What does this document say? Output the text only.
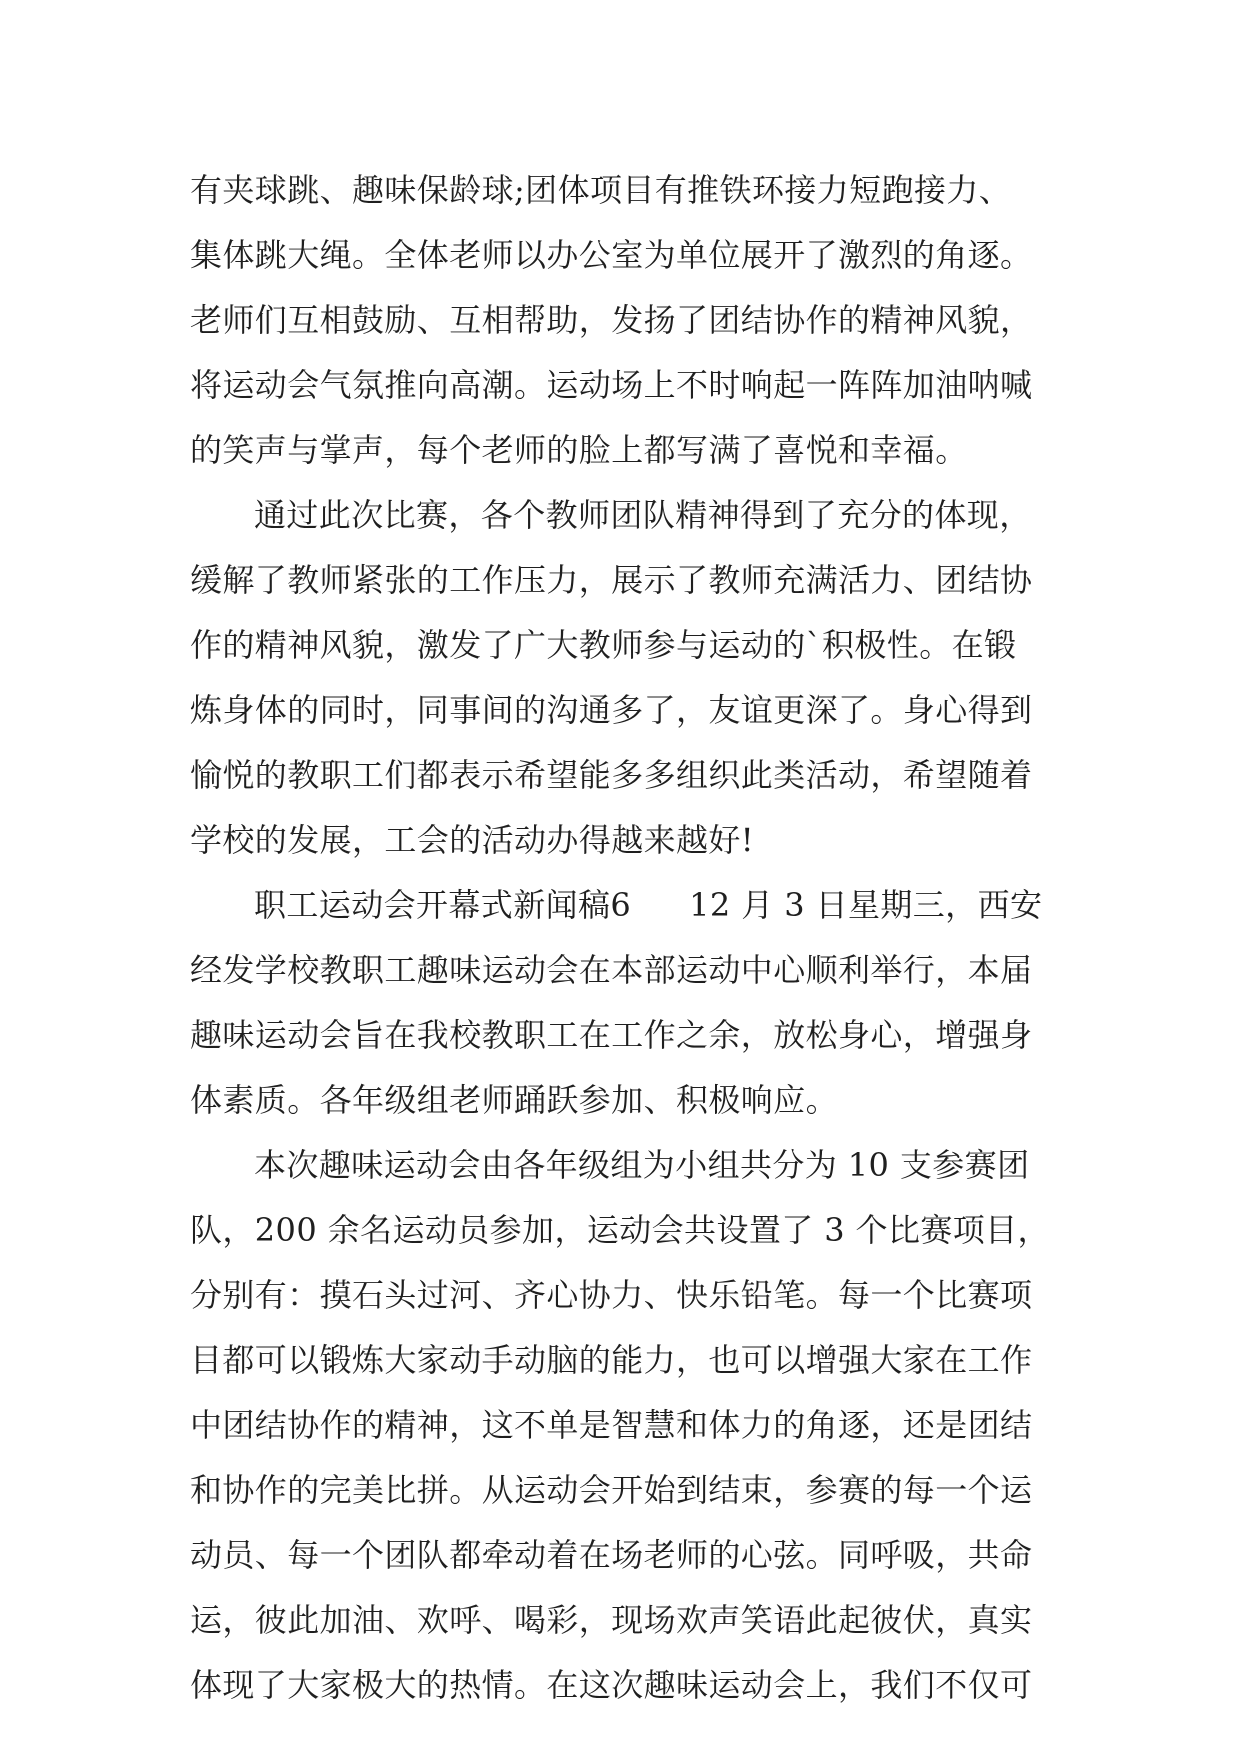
有夹球跳、趣味保龄球;团体项目有推铁环接力短跑接力、
集体跳大绳。全体老师以办公室为单位展开了激烈的角逐。
老师们互相鼓励、互相帮助，发扬了团结协作的精神风貌，
将运动会气氛推向高潮。运动场上不时响起一阵阵加油呐喊
的笑声与掌声，每个老师的脸上都写满了喜悦和幸福。
通过此次比赛，各个教师团队精神得到了充分的体现，
缓解了教师紧张的工作压力，展示了教师充满活力、团结协
作的精神风貌，激发了广大教师参与运动的`积极性。在锻
炼身体的同时，同事间的沟通多了，友谊更深了。身心得到
愉悦的教职工们都表示希望能多多组织此类活动，希望随着
学校的发展，工会的活动办得越来越好!
职工运动会开幕式新闻稿6 12 月 3 日星期三，西安
经发学校教职工趣味运动会在本部运动中心顺利举行，本届
趣味运动会旨在我校教职工在工作之余，放松身心，增强身
体素质。各年级组老师踊跃参加、积极响应。
本次趣味运动会由各年级组为小组共分为 10 支参赛团
队，200 余名运动员参加，运动会共设置了 3 个比赛项目，
分别有：摸石头过河、齐心协力、快乐铅笔。每一个比赛项
目都可以锻炼大家动手动脑的能力，也可以增强大家在工作
中团结协作的精神，这不单是智慧和体力的角逐，还是团结
和协作的完美比拼。从运动会开始到结束，参赛的每一个运
动员、每一个团队都牵动着在场老师的心弦。同呼吸，共命
运，彼此加油、欢呼、喝彩，现场欢声笑语此起彼伏，真实
体现了大家极大的热情。在这次趣味运动会上，我们不仅可
